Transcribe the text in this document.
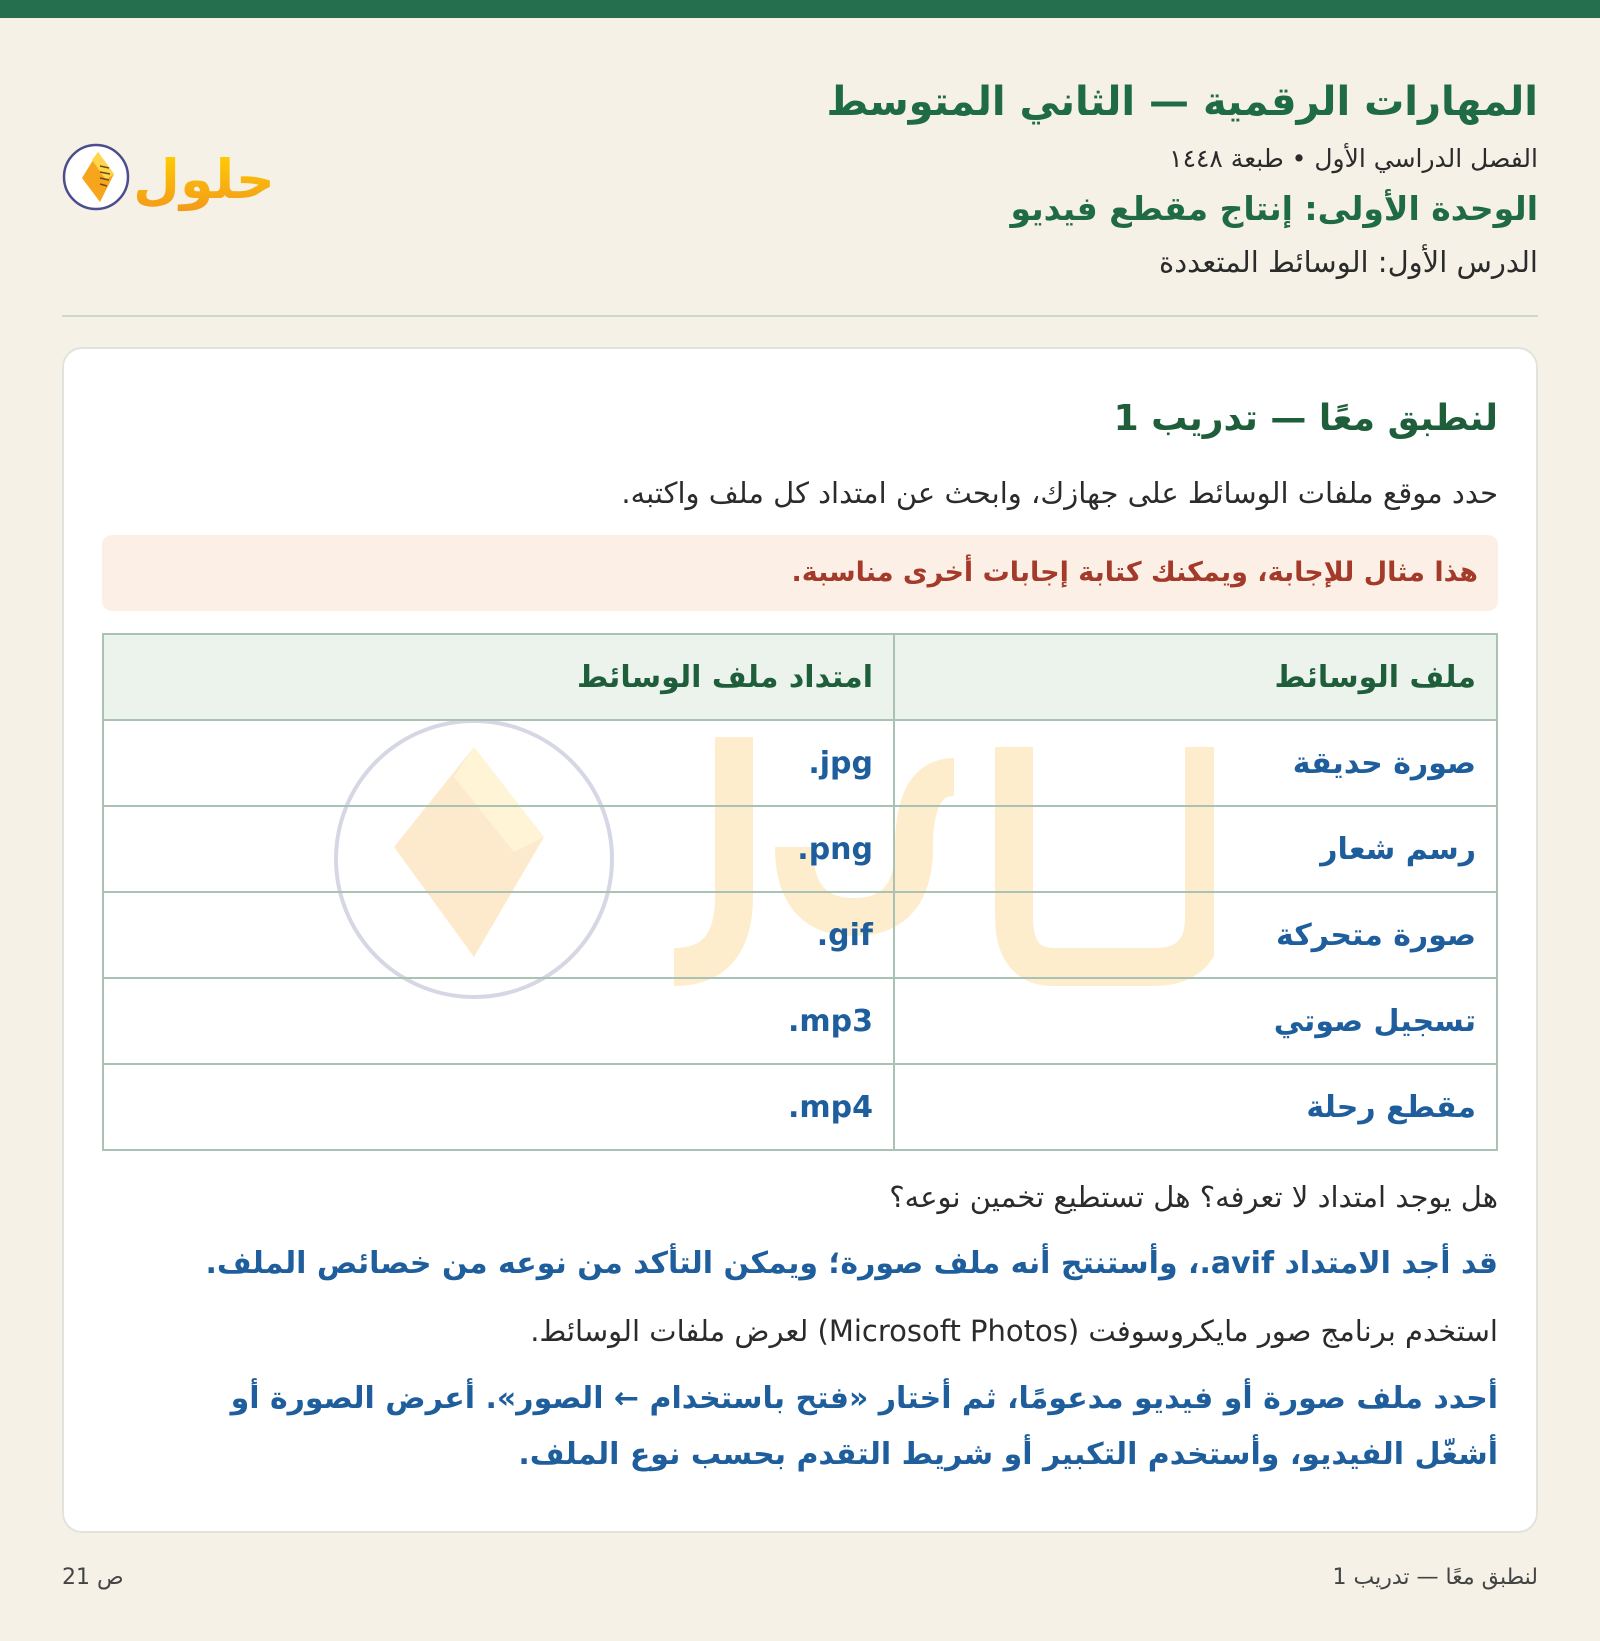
المهارات الرقمية — الثاني المتوسط
الفصل الدراسي الأول • طبعة ١٤٤٨
الوحدة الأولى: إنتاج مقطع فيديو
الدرس الأول: الوسائط المتعددة
حلول
لنطبق معًا — تدريب 1
حدد موقع ملفات الوسائط على جهازك، وابحث عن امتداد كل ملف واكتبه.
هذا مثال للإجابة، ويمكنك كتابة إجابات أخرى مناسبة.
ملف الوسائط	امتداد ملف الوسائط
صورة حديقة	.jpg
رسم شعار	.png
صورة متحركة	.gif
تسجيل صوتي	.mp3
مقطع رحلة	.mp4
هل يوجد امتداد لا تعرفه؟ هل تستطيع تخمين نوعه؟
قد أجد الامتداد avif.، وأستنتج أنه ملف صورة؛ ويمكن التأكد من نوعه من خصائص الملف.
استخدم برنامج صور مايكروسوفت (Microsoft Photos) لعرض ملفات الوسائط.
أحدد ملف صورة أو فيديو مدعومًا، ثم أختار «فتح باستخدام ← الصور». أعرض الصورة أو أشغّل الفيديو، وأستخدم التكبير أو شريط التقدم بحسب نوع الملف.
لنطبق معًا — تدريب 1
ص 21
